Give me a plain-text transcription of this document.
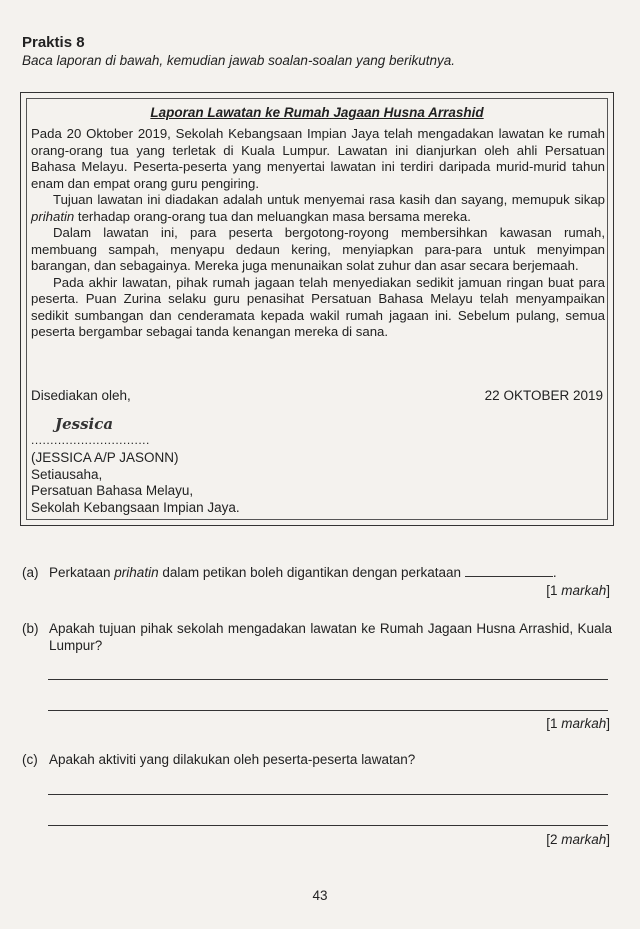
Praktis 8
Baca laporan di bawah, kemudian jawab soalan-soalan yang berikutnya.
Laporan Lawatan ke Rumah Jagaan Husna Arrashid

Pada 20 Oktober 2019, Sekolah Kebangsaan Impian Jaya telah mengadakan lawatan ke rumah orang-orang tua yang terletak di Kuala Lumpur. Lawatan ini dianjurkan oleh ahli Persatuan Bahasa Melayu. Peserta-peserta yang menyertai lawatan ini terdiri daripada murid-murid tahun enam dan empat orang guru pengiring.

Tujuan lawatan ini diadakan adalah untuk menyemai rasa kasih dan sayang, memupuk sikap prihatin terhadap orang-orang tua dan meluangkan masa bersama mereka.

Dalam lawatan ini, para peserta bergotong-royong membersihkan kawasan rumah, membuang sampah, menyapu dedaun kering, menyiapkan para-para untuk menyimpan barangan, dan sebagainya. Mereka juga menunaikan solat zuhur dan asar secara berjemaah.

Pada akhir lawatan, pihak rumah jagaan telah menyediakan sedikit jamuan ringan buat para peserta. Puan Zurina selaku guru penasihat Persatuan Bahasa Melayu telah menyampaikan sedikit sumbangan dan cenderamata kepada wakil rumah jagaan ini. Sebelum pulang, semua peserta bergambar sebagai tanda kenangan mereka di sana.

Disediakan oleh,	22 OKTOBER 2019
Jessica
...............................
(JESSICA A/P JASONN)
Setiausaha,
Persatuan Bahasa Melayu,
Sekolah Kebangsaan Impian Jaya.
(a) Perkataan prihatin dalam petikan boleh digantikan dengan perkataan	.
[1 markah]
(b) Apakah tujuan pihak sekolah mengadakan lawatan ke Rumah Jagaan Husna Arrashid, Kuala Lumpur?
[1 markah]
(c) Apakah aktiviti yang dilakukan oleh peserta-peserta lawatan?
[2 markah]
43
